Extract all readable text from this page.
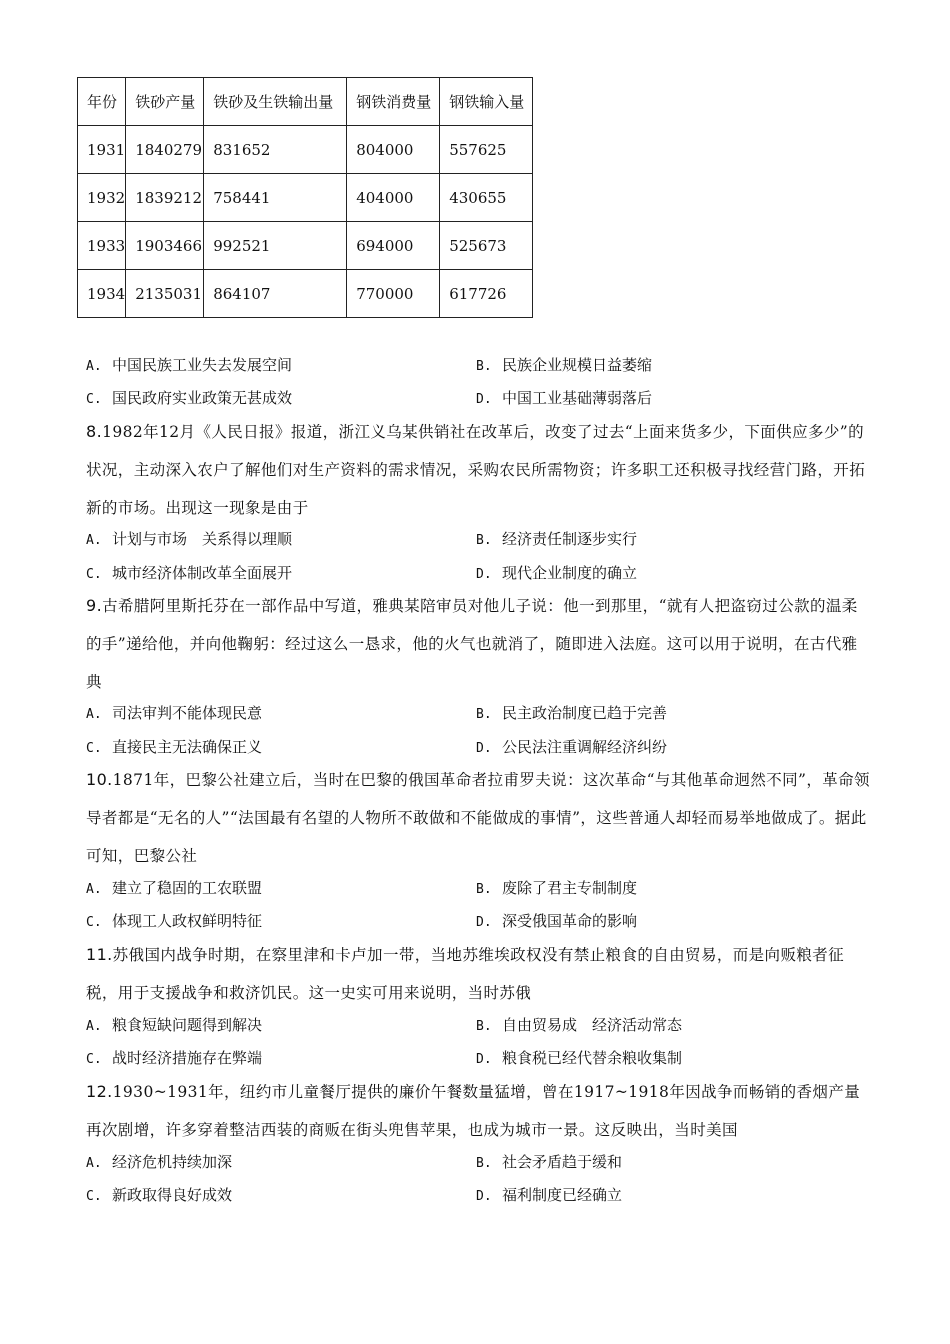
年份	铁砂产量	铁砂及生铁输出量	钢铁消费量	钢铁输入量
1931	1840279	831652	804000	557625
1932	1839212	758441	404000	430655
1933	1903466	992521	694000	525673
1934	2135031	864107	770000	617726
A. 中国民族工业失去发展空间	B. 民族企业规模日益萎缩
C. 国民政府实业政策无甚成效	D. 中国工业基础薄弱落后
8.1982年12月《人民日报》报道，浙江义乌某供销社在改革后，改变了过去“上面来货多少，下面供应多少”的状况，主动深入农户了解他们对生产资料的需求情况，采购农民所需物资；许多职工还积极寻找经营门路，开拓新的市场。出现这一现象是由于
A. 计划与市场　关系得以理顺	B. 经济责任制逐步实行
C. 城市经济体制改革全面展开	D. 现代企业制度的确立
9.古希腊阿里斯托芬在一部作品中写道，雅典某陪审员对他儿子说：他一到那里，“就有人把盗窃过公款的温柔的手”递给他，并向他鞠躬：经过这么一恳求，他的火气也就消了，随即进入法庭。这可以用于说明，在古代雅典
A. 司法审判不能体现民意	B. 民主政治制度已趋于完善
C. 直接民主无法确保正义	D. 公民法注重调解经济纠纷
10.1871年，巴黎公社建立后，当时在巴黎的俄国革命者拉甫罗夫说：这次革命“与其他革命迥然不同”，革命领导者都是“无名的人”“法国最有名望的人物所不敢做和不能做成的事情”，这些普通人却轻而易举地做成了。据此可知，巴黎公社
A. 建立了稳固的工农联盟	B. 废除了君主专制制度
C. 体现工人政权鲜明特征	D. 深受俄国革命的影响
11.苏俄国内战争时期，在察里津和卡卢加一带，当地苏维埃政权没有禁止粮食的自由贸易，而是向贩粮者征税，用于支援战争和救济饥民。这一史实可用来说明，当时苏俄
A. 粮食短缺问题得到解决	B. 自由贸易成　经济活动常态
C. 战时经济措施存在弊端	D. 粮食税已经代替余粮收集制
12.1930~1931年，纽约市儿童餐厅提供的廉价午餐数量猛增，曾在1917~1918年因战争而畅销的香烟产量再次剧增，许多穿着整洁西装的商贩在街头兜售苹果，也成为城市一景。这反映出，当时美国
A. 经济危机持续加深	B. 社会矛盾趋于缓和
C. 新政取得良好成效	D. 福利制度已经确立
